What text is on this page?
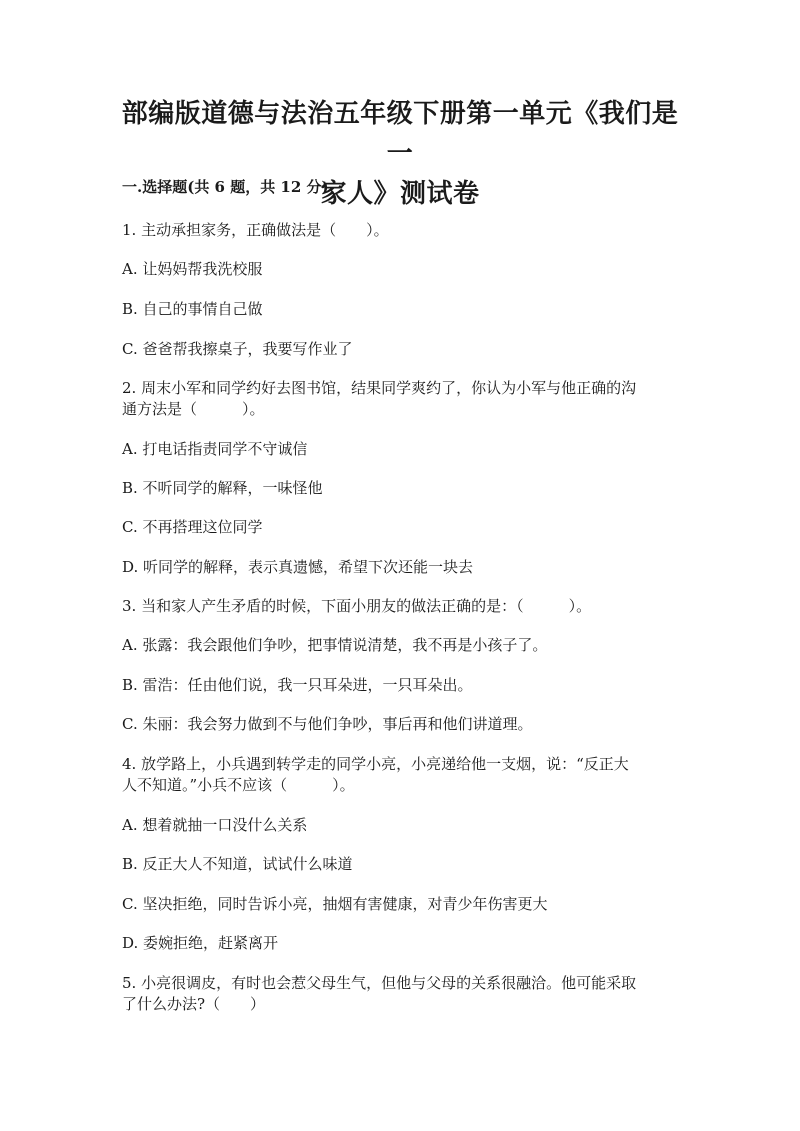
部编版道德与法治五年级下册第一单元《我们是一
家人》测试卷
一.选择题(共 6 题，共 12 分)
1. 主动承担家务，正确做法是（　　）。
A. 让妈妈帮我洗校服
B. 自己的事情自己做
C. 爸爸帮我擦桌子，我要写作业了
2. 周末小军和同学约好去图书馆，结果同学爽约了，你认为小军与他正确的沟
通方法是（　　　）。
A. 打电话指责同学不守诚信
B. 不听同学的解释，一味怪他
C. 不再搭理这位同学
D. 听同学的解释，表示真遗憾，希望下次还能一块去
3. 当和家人产生矛盾的时候，下面小朋友的做法正确的是：（　　　）。
A. 张露：我会跟他们争吵，把事情说清楚，我不再是小孩子了。
B. 雷浩：任由他们说，我一只耳朵进，一只耳朵出。
C. 朱丽：我会努力做到不与他们争吵，事后再和他们讲道理。
4. 放学路上，小兵遇到转学走的同学小亮，小亮递给他一支烟，说：“反正大
人不知道。”小兵不应该（　　　）。
A. 想着就抽一口没什么关系
B. 反正大人不知道，试试什么味道
C. 坚决拒绝，同时告诉小亮，抽烟有害健康，对青少年伤害更大
D. 委婉拒绝，赶紧离开
5. 小亮很调皮，有时也会惹父母生气，但他与父母的关系很融洽。他可能采取
了什么办法?（　　）
